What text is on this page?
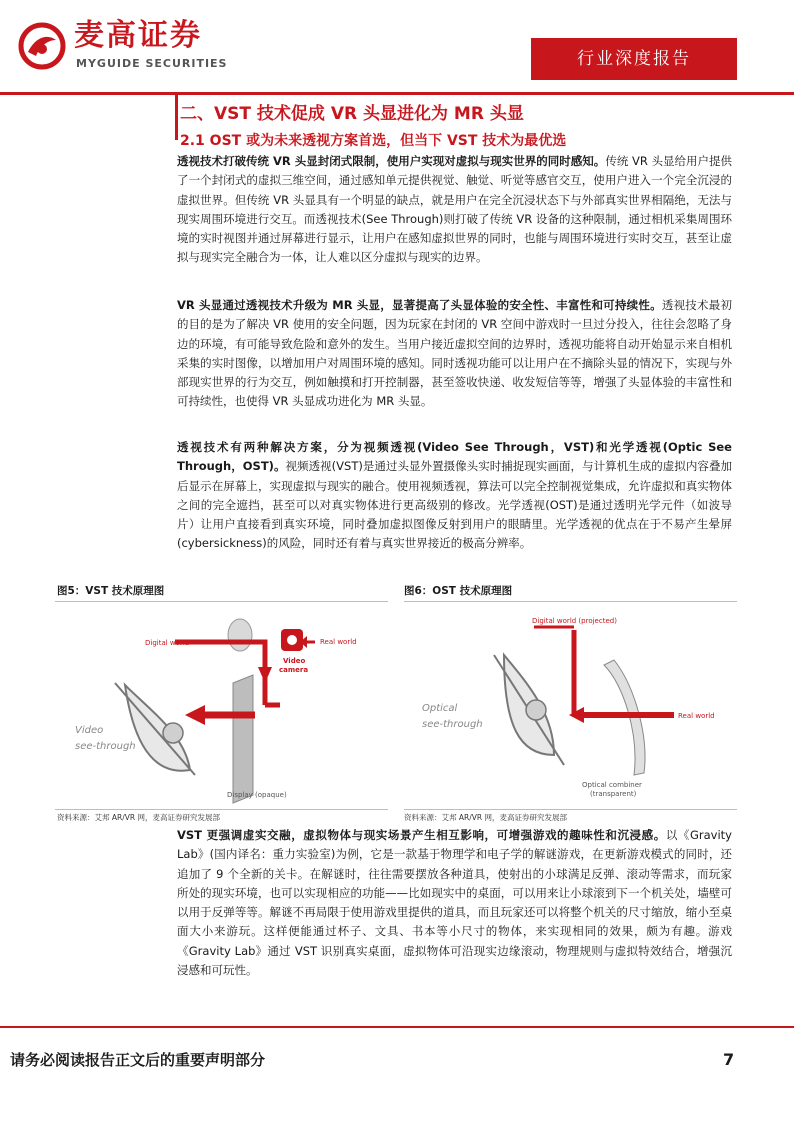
麦高证券
MYGUIDE SECURITIES	行业深度报告
二、VST 技术促成 VR 头显进化为 MR 头显
2.1 OST 或为未来透视方案首选，但当下 VST 技术为最优选
透视技术打破传统 VR 头显封闭式限制，使用户实现对虚拟与现实世界的同时感知。传统 VR 头显给用户提供了一个封闭式的虚拟三维空间，通过感知单元提供视觉、触觉、听觉等感官交互，使用户进入一个完全沉浸的虚拟世界。但传统 VR 头显具有一个明显的缺点，就是用户在完全沉浸状态下与外部真实世界相隔绝，无法与现实周围环境进行交互。而透视技术(See Through)则打破了传统 VR 设备的这种限制，通过相机采集周围环境的实时视图并通过屏幕进行显示，让用户在感知虚拟世界的同时，也能与周围环境进行实时交互，甚至让虚拟与现实完全融合为一体，让人难以区分虚拟与现实的边界。
VR 头显通过透视技术升级为 MR 头显，显著提高了头显体验的安全性、丰富性和可持续性。透视技术最初的目的是为了解决 VR 使用的安全问题，因为玩家在封闭的 VR 空间中游戏时一旦过分投入，往往会忽略了身边的环境，有可能导致危险和意外的发生。当用户接近虚拟空间的边界时，透视功能将自动开始显示来自相机采集的实时图像，以增加用户对周围环境的感知。同时透视功能可以让用户在不摘除头显的情况下，实现与外部现实世界的行为交互，例如触摸和打开控制器，甚至签收快递、收发短信等等，增强了头显体验的丰富性和可持续性，也使得 VR 头显成功进化为 MR 头显。
透视技术有两种解决方案，分为视频透视(Video See Through，VST)和光学透视(Optic See Through，OST)。视频透视(VST)是通过头显外置摄像头实时捕捉现实画面，与计算机生成的虚拟内容叠加后显示在屏幕上，实现虚拟与现实的融合。使用视频透视，算法可以完全控制视觉集成，允许虚拟和真实物体之间的完全遮挡，甚至可以对真实物体进行更高级别的修改。光学透视(OST)是通过透明光学元件（如波导片）让用户直接看到真实环境，同时叠加虚拟图像反射到用户的眼睛里。光学透视的优点在于不易产生晕屏(cybersickness)的风险，同时还有着与真实世界接近的极高分辨率。
图5：VST 技术原理图
Digital world	Real world
Video
camera
Video
see-through
Display (opaque)
资料来源：艾邦 AR/VR 网，麦高证券研究发展部
图6：OST 技术原理图
Digital world (projected)
Real world
Optical
see-through
Optical combiner
(transparent)
资料来源：艾邦 AR/VR 网，麦高证券研究发展部
VST 更强调虚实交融，虚拟物体与现实场景产生相互影响，可增强游戏的趣味性和沉浸感。以《Gravity Lab》(国内译名：重力实验室)为例，它是一款基于物理学和电子学的解谜游戏，在更新游戏模式的同时，还追加了 9 个全新的关卡。在解谜时，往往需要摆放各种道具，使射出的小球满足反弹、滚动等需求，而玩家所处的现实环境，也可以实现相应的功能——比如现实中的桌面，可以用来让小球滚到下一个机关处，墙壁可以用于反弹等等。解谜不再局限于使用游戏里提供的道具，而且玩家还可以将整个机关的尺寸缩放，缩小至桌面大小来游玩。这样便能通过杯子、文具、书本等小尺寸的物体，来实现相同的效果，颇为有趣。游戏《Gravity Lab》通过 VST 识别真实桌面，虚拟物体可沿现实边缘滚动，物理规则与虚拟特效结合，增强沉浸感和可玩性。
请务必阅读报告正文后的重要声明部分	7
